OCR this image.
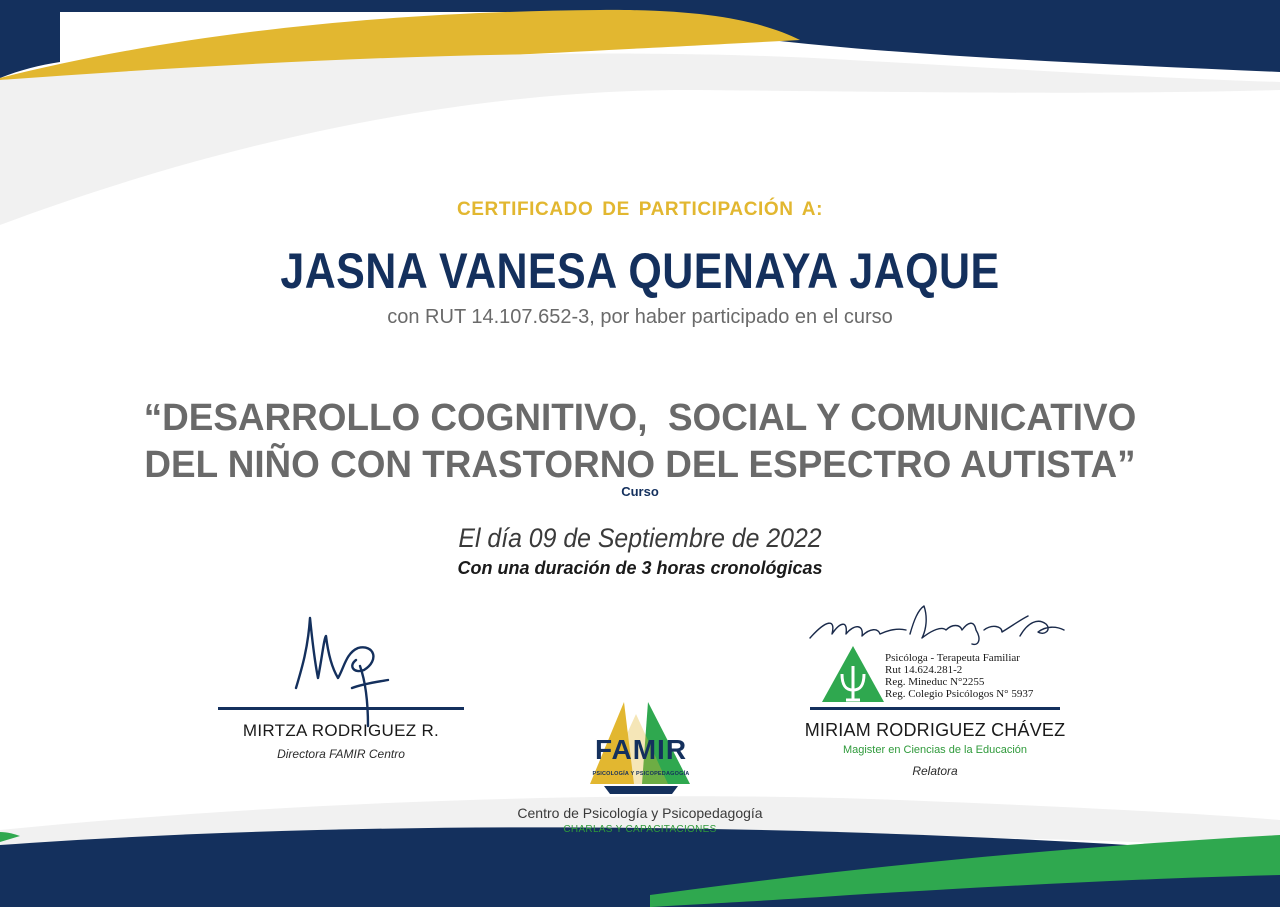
CERTIFICADO DE PARTICIPACIÓN A:
JASNA VANESA QUENAYA JAQUE
con RUT 14.107.652-3, por haber participado en el curso
“DESARROLLO COGNITIVO,  SOCIAL Y COMUNICATIVO
DEL NIÑO CON TRASTORNO DEL ESPECTRO AUTISTA”
Curso
El día 09 de Septiembre de 2022
Con una duración de 3 horas cronológicas
MIRTZA RODRIGUEZ R.
Directora FAMIR Centro	FAMIR
PSICOLOGÍA Y PSICOPEDAGOGÍA
Centro de Psicología y Psicopedagogía
CHARLAS Y CAPACITACIONES
Psicóloga - Terapeuta Familiar
Rut 14.624.281-2
Reg. Mineduc N°2255
Reg. Colegio Psicólogos N° 5937
MIRIAM RODRIGUEZ CHÁVEZ
Magister en Ciencias de la Educación
Relatora
